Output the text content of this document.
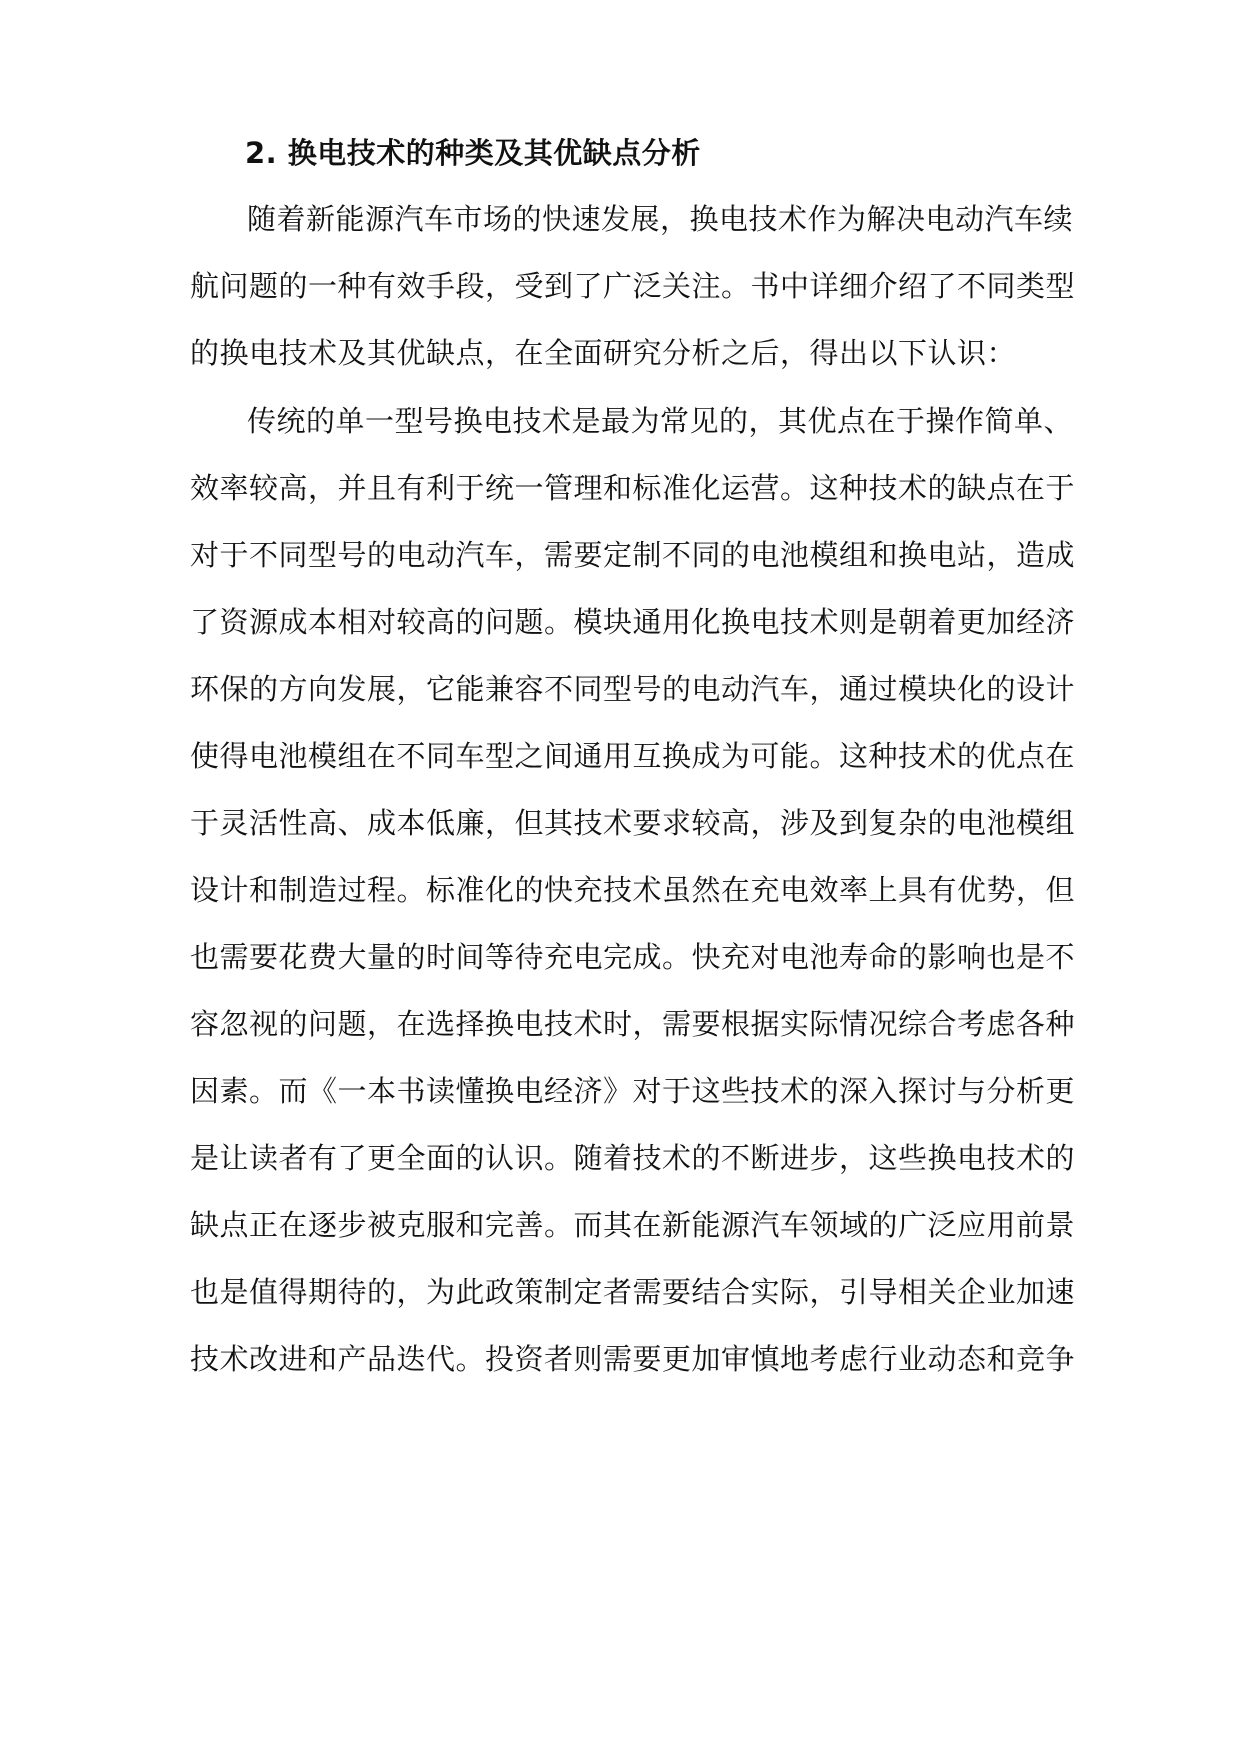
2. 换电技术的种类及其优缺点分析
随着新能源汽车市场的快速发展，换电技术作为解决电动汽车续
航问题的一种有效手段，受到了广泛关注。书中详细介绍了不同类型
的换电技术及其优缺点，在全面研究分析之后，得出以下认识：
传统的单一型号换电技术是最为常见的，其优点在于操作简单、
效率较高，并且有利于统一管理和标准化运营。这种技术的缺点在于
对于不同型号的电动汽车，需要定制不同的电池模组和换电站，造成
了资源成本相对较高的问题。模块通用化换电技术则是朝着更加经济
环保的方向发展，它能兼容不同型号的电动汽车，通过模块化的设计
使得电池模组在不同车型之间通用互换成为可能。这种技术的优点在
于灵活性高、成本低廉，但其技术要求较高，涉及到复杂的电池模组
设计和制造过程。标准化的快充技术虽然在充电效率上具有优势，但
也需要花费大量的时间等待充电完成。快充对电池寿命的影响也是不
容忽视的问题，在选择换电技术时，需要根据实际情况综合考虑各种
因素。而《一本书读懂换电经济》对于这些技术的深入探讨与分析更
是让读者有了更全面的认识。随着技术的不断进步，这些换电技术的
缺点正在逐步被克服和完善。而其在新能源汽车领域的广泛应用前景
也是值得期待的，为此政策制定者需要结合实际，引导相关企业加速
技术改进和产品迭代。投资者则需要更加审慎地考虑行业动态和竞争
